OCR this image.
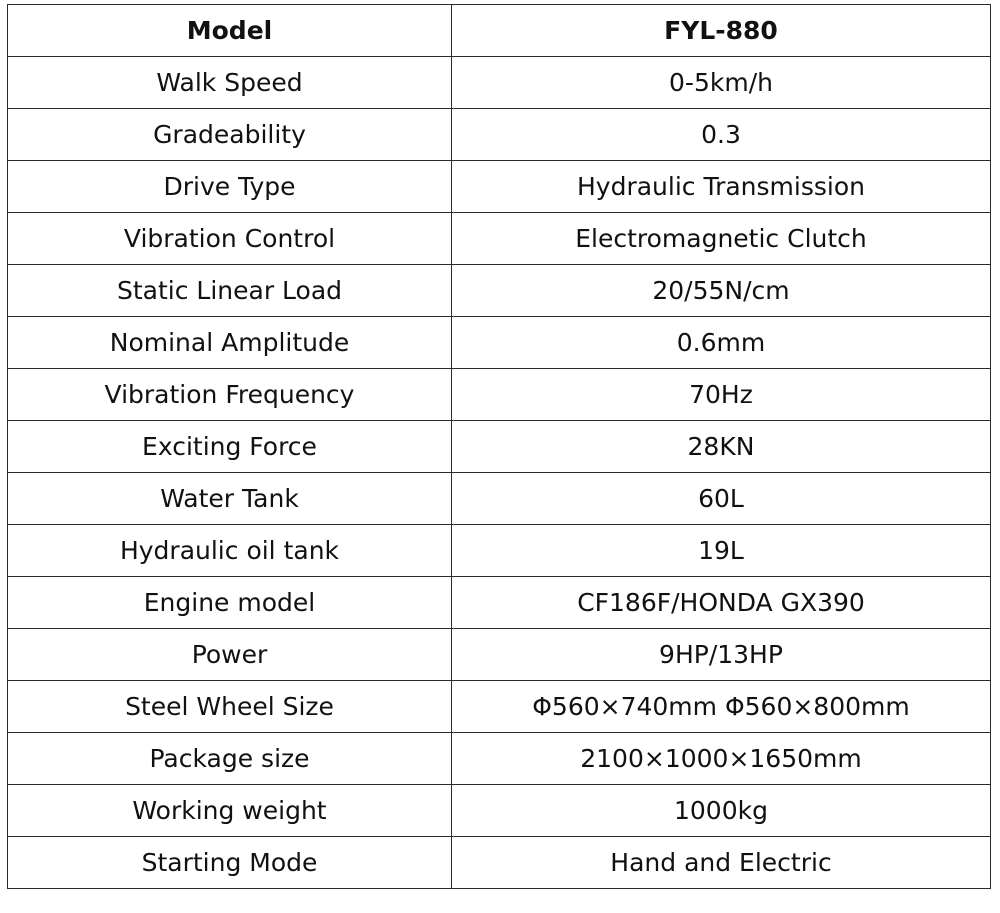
Model	FYL-880
Walk Speed	0-5km/h
Gradeability	0.3
Drive Type	Hydraulic Transmission
Vibration Control	Electromagnetic Clutch
Static Linear Load	20/55N/cm
Nominal Amplitude	0.6mm
Vibration Frequency	70Hz
Exciting Force	28KN
Water Tank	60L
Hydraulic oil tank	19L
Engine model	CF186F/HONDA GX390
Power	9HP/13HP
Steel Wheel Size	Φ560×740mm Φ560×800mm
Package size	2100×1000×1650mm
Working weight	1000kg
Starting Mode	Hand and Electric
